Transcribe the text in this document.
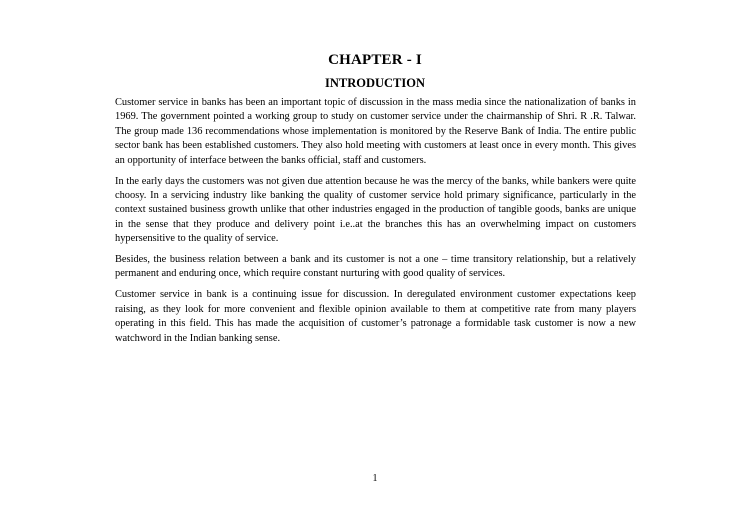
CHAPTER - I
INTRODUCTION

Customer service in banks has been an important topic of discussion in the mass media since the nationalization of banks in 1969. The government pointed a working group to study on customer service under the chairmanship of Shri. R .R. Talwar. The group made 136 recommendations whose implementation is monitored by the Reserve Bank of India. The entire public sector bank has been established customers. They also hold meeting with customers at least once in every month. This gives an opportunity of interface between the banks official, staff and customers.

In the early days the customers was not given due attention because he was the mercy of the banks, while bankers were quite choosy. In a servicing industry like banking the quality of customer service hold primary significance, particularly in the context sustained business growth unlike that other industries engaged in the production of tangible goods, banks are unique in the sense that they produce and delivery point i.e..at the branches this has an overwhelming impact on customers hypersensitive to the quality of service.

Besides, the business relation between a bank and its customer is not a one – time transitory relationship, but a relatively permanent and enduring once, which require constant nurturing with good quality of services.

Customer service in bank is a continuing issue for discussion. In deregulated environment customer expectations keep raising, as they look for more convenient and flexible opinion available to them at competitive rate from many players operating in this field. This has made the acquisition of customer’s patronage a formidable task customer is now a new watchword in the Indian banking sense.

1
